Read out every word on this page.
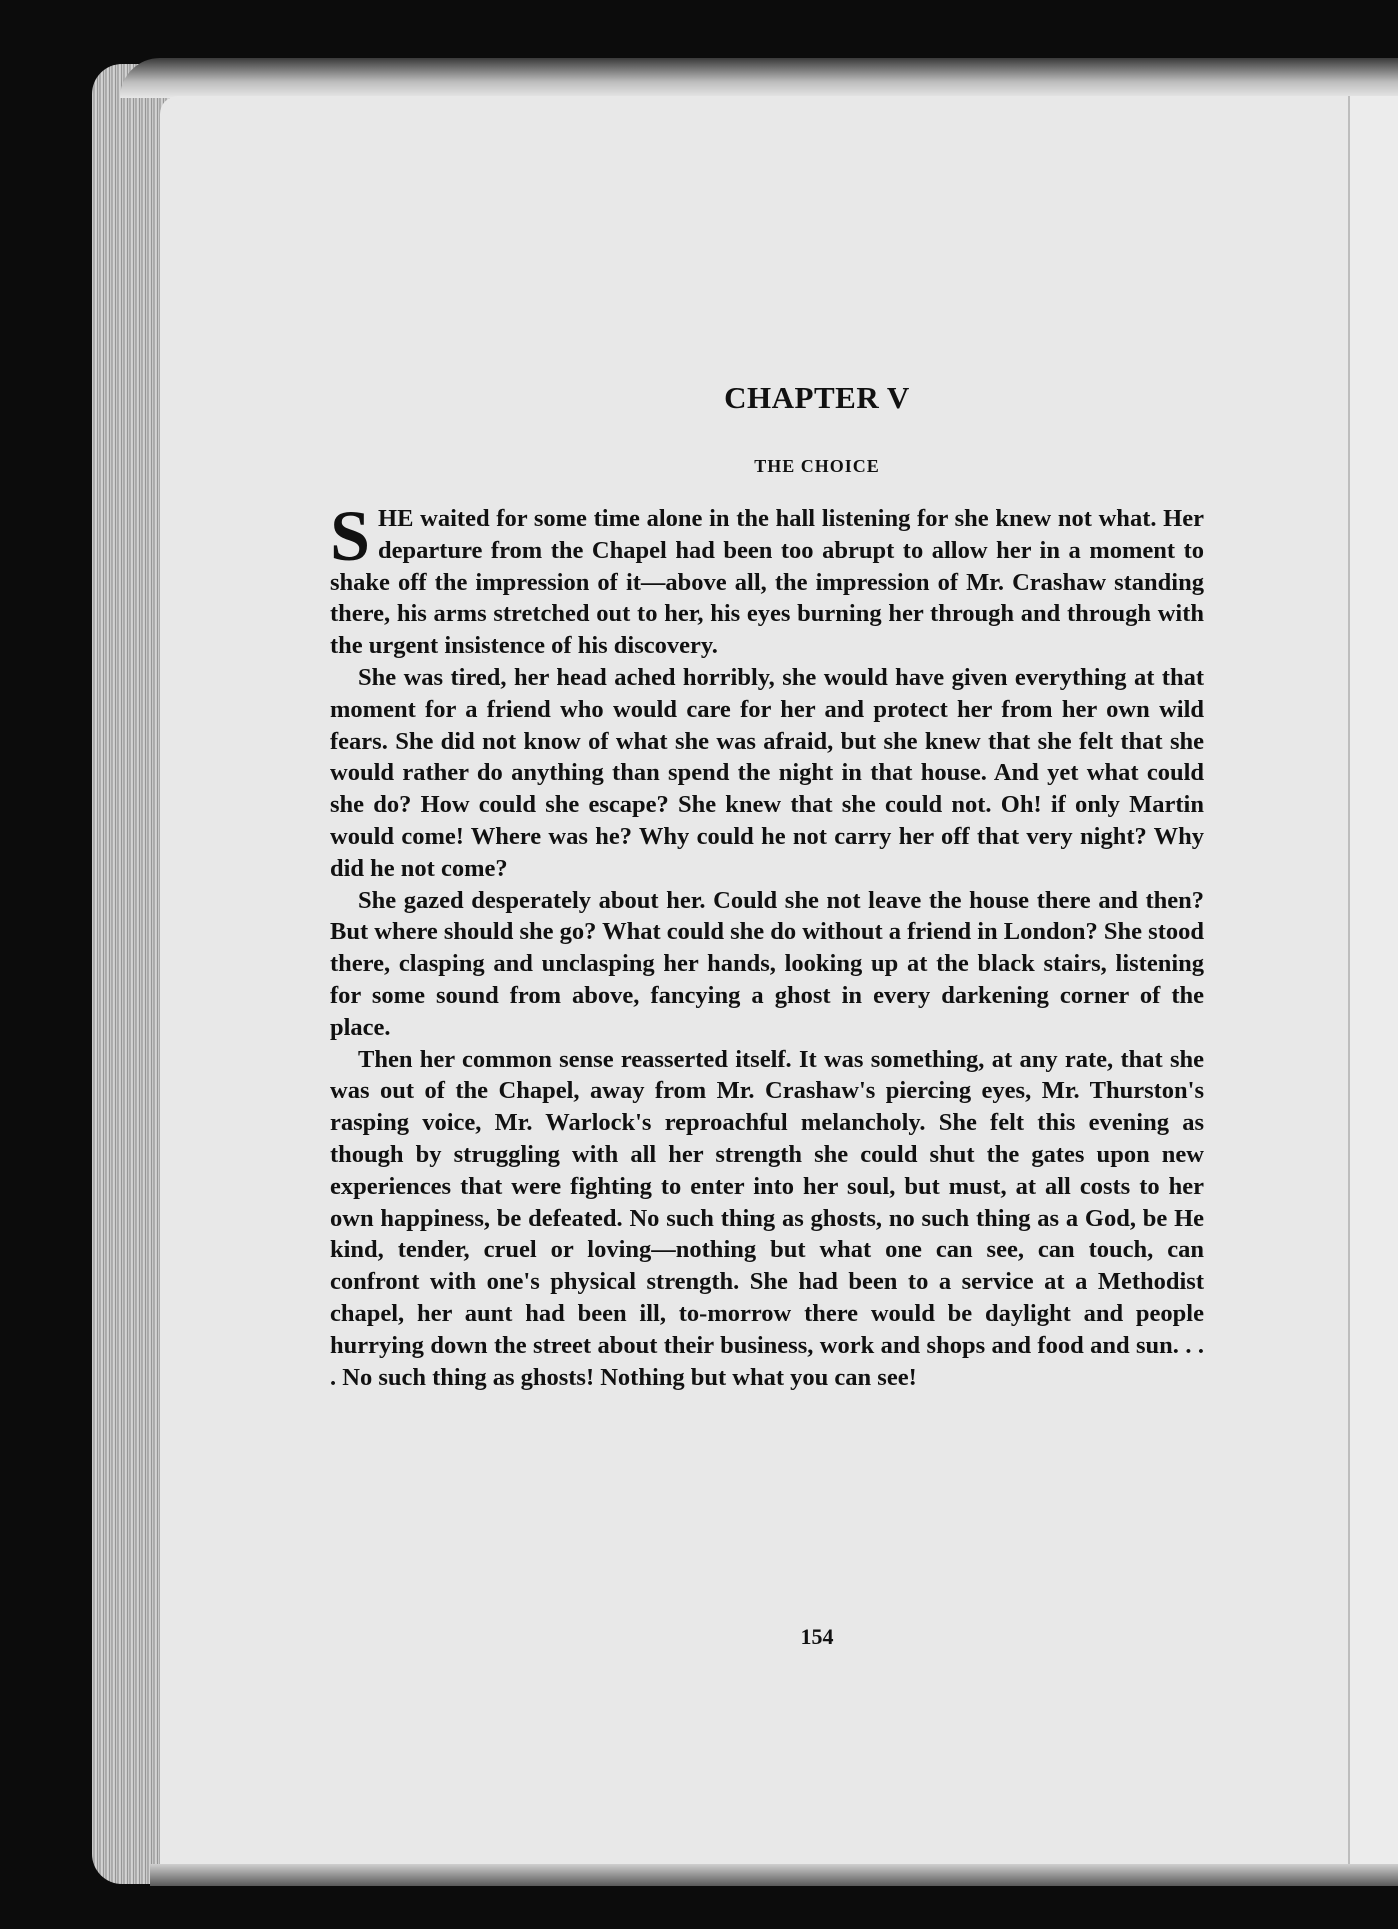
CHAPTER V
THE CHOICE

SHE waited for some time alone in the hall listening for she knew not what. Her departure from the Chapel had been too abrupt to allow her in a moment to shake off the impression of it—above all, the impression of Mr. Crashaw standing there, his arms stretched out to her, his eyes burning her through and through with the urgent insistence of his discovery.

She was tired, her head ached horribly, she would have given everything at that moment for a friend who would care for her and protect her from her own wild fears. She did not know of what she was afraid, but she knew that she felt that she would rather do anything than spend the night in that house. And yet what could she do? How could she escape? She knew that she could not. Oh! if only Martin would come! Where was he? Why could he not carry her off that very night? Why did he not come?

She gazed desperately about her. Could she not leave the house there and then? But where should she go? What could she do without a friend in London? She stood there, clasping and unclasping her hands, looking up at the black stairs, listening for some sound from above, fancying a ghost in every darkening corner of the place.

Then her common sense reasserted itself. It was something, at any rate, that she was out of the Chapel, away from Mr. Crashaw's piercing eyes, Mr. Thurston's rasping voice, Mr. Warlock's reproachful melancholy. She felt this evening as though by struggling with all her strength she could shut the gates upon new experiences that were fighting to enter into her soul, but must, at all costs to her own happiness, be defeated. No such thing as ghosts, no such thing as a God, be He kind, tender, cruel or loving—nothing but what one can see, can touch, can confront with one's physical strength. She had been to a service at a Methodist chapel, her aunt had been ill, to-morrow there would be daylight and people hurrying down the street about their business, work and shops and food and sun. . . . No such thing as ghosts! Nothing but what you can see!

154
